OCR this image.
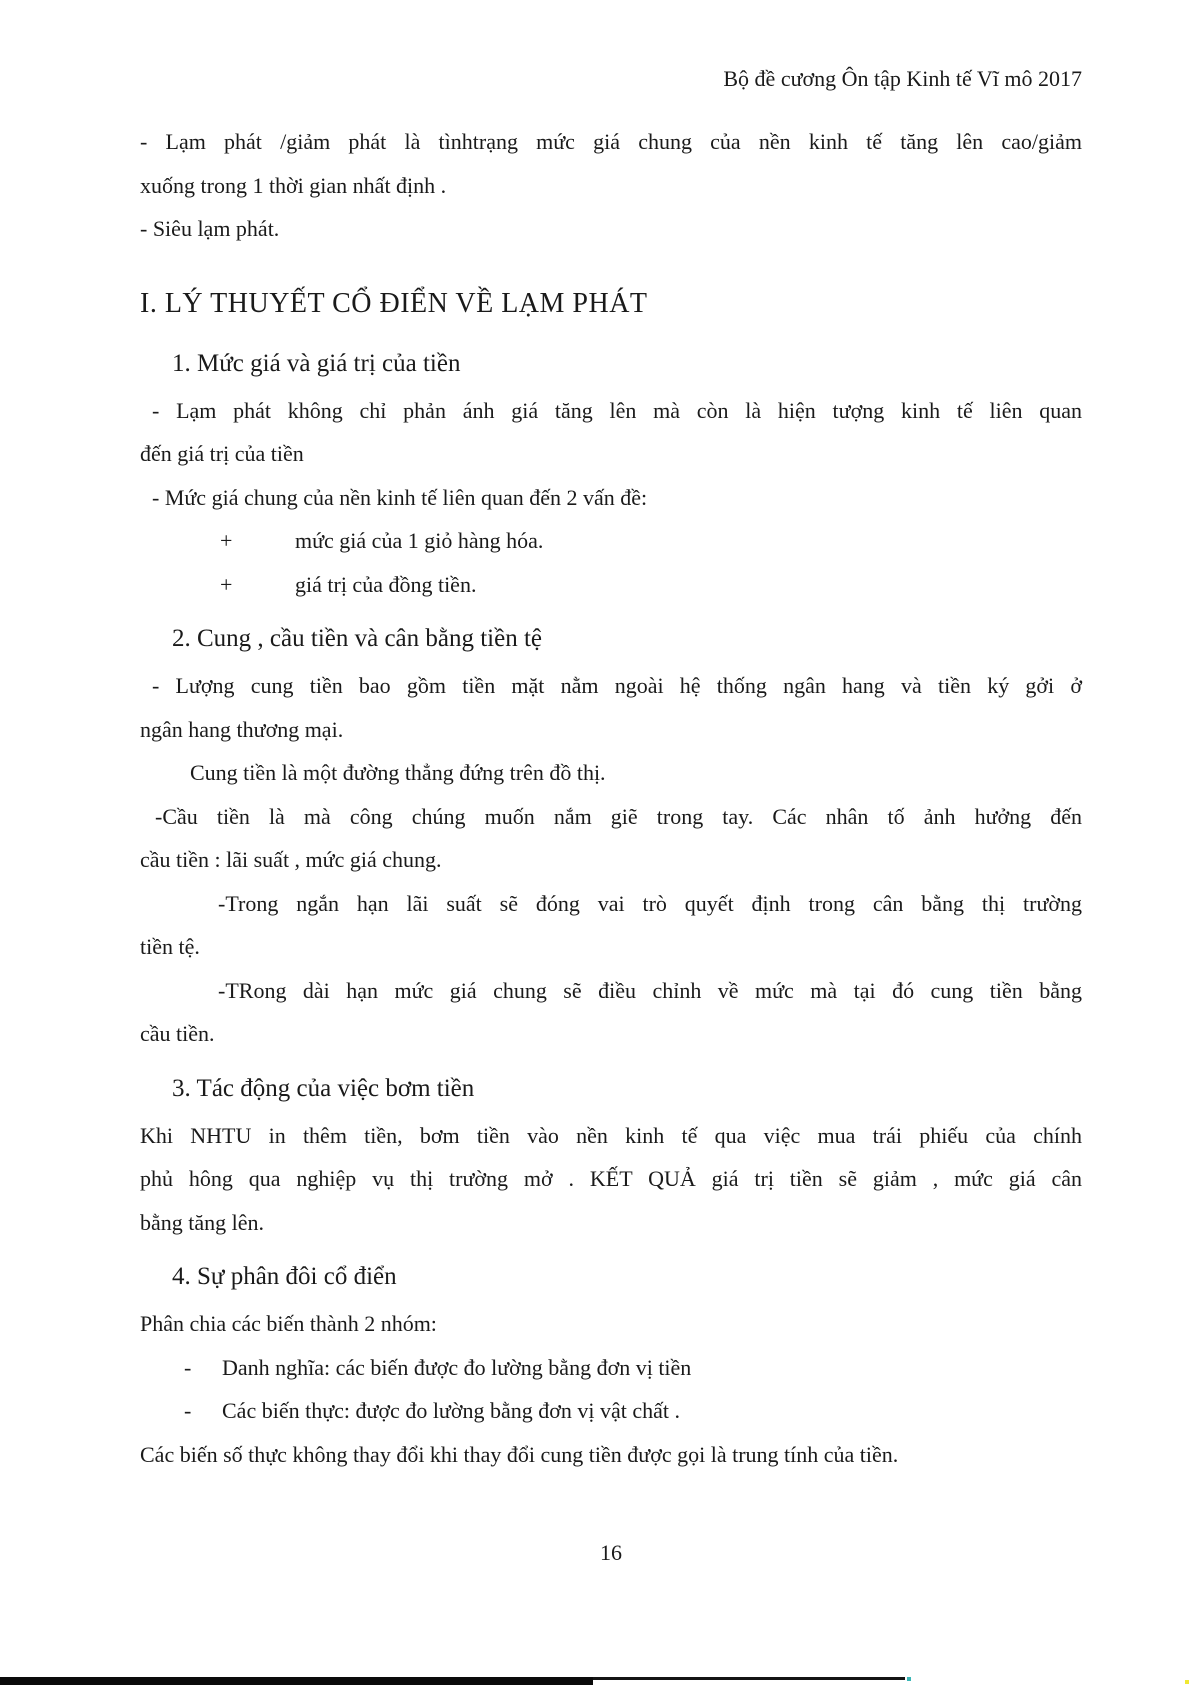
Bộ đề cương Ôn tập Kinh tế Vĩ mô 2017
- Lạm phát /giảm phát là tìnhtrạng mức giá chung của nền kinh tế tăng lên cao/giảm
xuống trong 1 thời gian nhất định .
- Siêu lạm phát.
I. LÝ THUYẾT CỔ ĐIỂN VỀ LẠM PHÁT
1. Mức giá và giá trị của tiền
- Lạm phát không chỉ phản ánh giá tăng lên mà còn là hiện tượng kinh tế liên quan
đến giá trị của tiền
- Mức giá chung của nền kinh tế liên quan đến 2 vấn đề:
+	mức giá của 1 giỏ hàng hóa.
+	giá trị của đồng tiền.
2. Cung , cầu tiền và cân bằng tiền tệ
- Lượng cung tiền bao gồm tiền mặt nằm ngoài hệ thống ngân hang và tiền ký gởi ở
ngân hang thương mại.
Cung tiền là một đường thẳng đứng trên đồ thị.
-Cầu tiền là mà công chúng muốn nắm giẽ trong tay. Các nhân tố ảnh hưởng đến
cầu tiền : lãi suất , mức giá chung.
-Trong ngắn hạn lãi suất sẽ đóng vai trò quyết định trong cân bằng thị trường
tiền tệ.
-TRong dài hạn mức giá chung sẽ điều chỉnh về mức mà tại đó cung tiền bằng
cầu tiền.
3. Tác động của việc bơm tiền
Khi NHTU in thêm tiền, bơm tiền vào nền kinh tế qua việc mua trái phiếu của chính
phủ hông qua nghiệp vụ thị trường mở . KẾT QUẢ giá trị tiền sẽ giảm , mức giá cân
bằng tăng lên.
4. Sự phân đôi cổ điển
Phân chia các biến thành 2 nhóm:
-	Danh nghĩa: các biến được đo lường bằng đơn vị tiền
-	Các biến thực: được đo lường bằng đơn vị vật chất .
Các biến số thực không thay đổi khi thay đổi cung tiền được gọi là trung tính của tiền.
16
